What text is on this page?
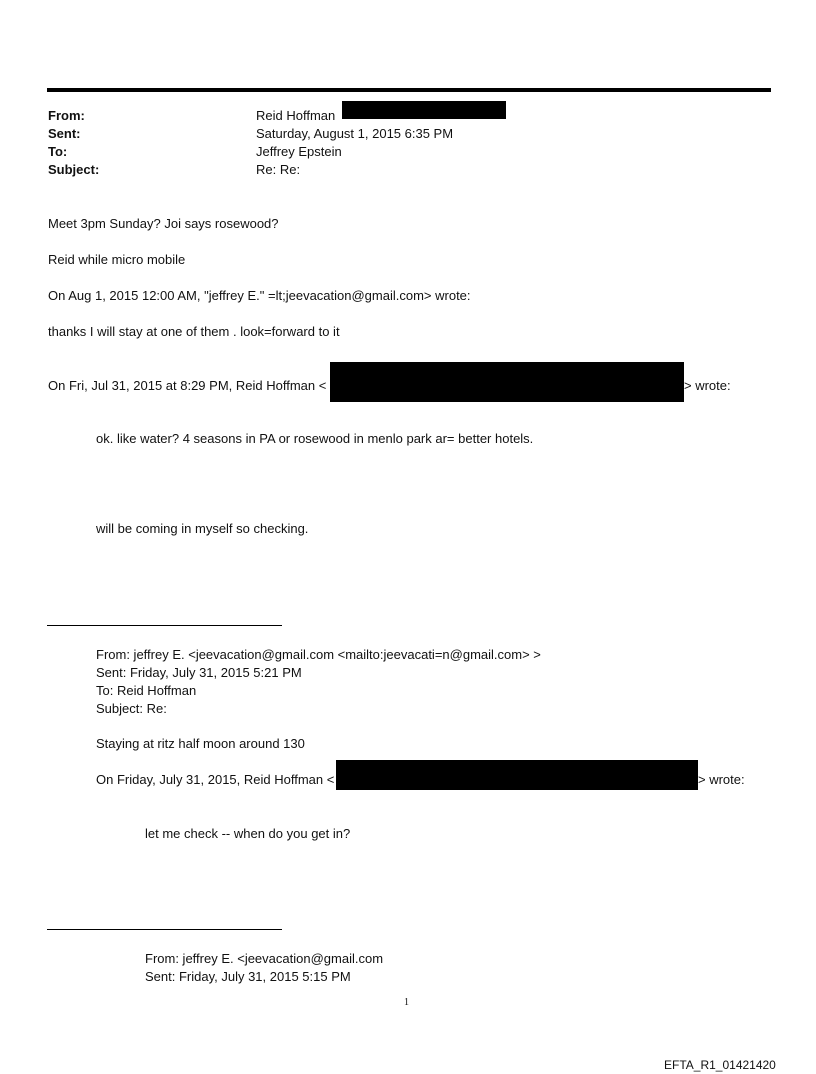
From:	Reid Hoffman
Sent:	Saturday, August 1, 2015 6:35 PM
To:	Jeffrey Epstein
Subject:	Re: Re:
Meet 3pm Sunday? Joi says rosewood?
Reid while micro mobile
On Aug 1, 2015 12:00 AM, "jeffrey E." =lt;jeevacation@gmail.com> wrote:
thanks I will stay at one of them . look=forward to it
On Fri, Jul 31, 2015 at 8:29 PM, Reid Hoffman <	> wrote:
ok. like water? 4 seasons in PA or rosewood in menlo park ar= better hotels.
will be coming in myself so checking.
From: jeffrey E. <jeevacation@gmail.com <mailto:jeevacati=n@gmail.com> >
Sent: Friday, July 31, 2015 5:21 PM
To: Reid Hoffman
Subject: Re:
Staying at ritz half moon around 130
On Friday, July 31, 2015, Reid Hoffman <	> wrote:
let me check -- when do you get in?
From: jeffrey E. <jeevacation@gmail.com
Sent: Friday, July 31, 2015 5:15 PM
1
EFTA_R1_01421420
